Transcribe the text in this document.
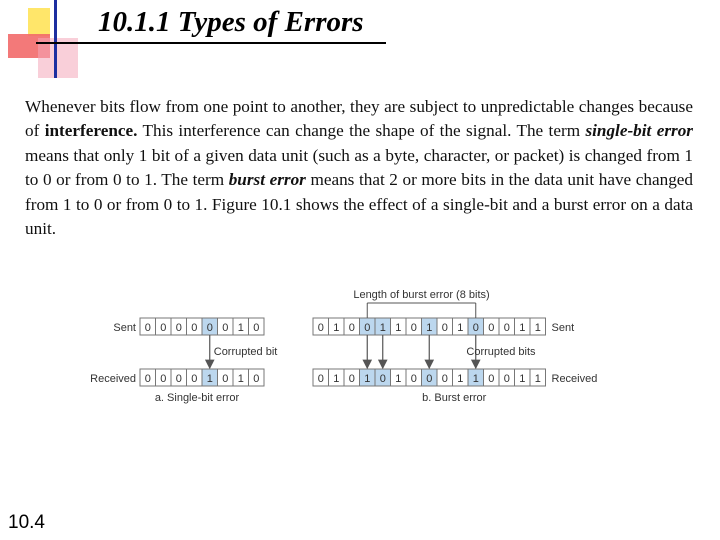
10.1.1 Types of Errors
Whenever bits flow from one point to another, they are subject to unpredictable changes because of interference. This interference can change the shape of the signal. The term single-bit error means that only 1 bit of a given data unit (such as a byte, character, or packet) is changed from 1 to 0 or from 0 to 1. The term burst error means that 2 or more bits in the data unit have changed from 1 to 0 or from 0 to 1. Figure 10.1 shows the effect of a single-bit and a burst error on a data unit.
0 0 0 0 0 0 1 0
0 0 0 0 1 0 1 0
Sent
Received
Corrupted bit
a. Single-bit error
0 1 0 0 1 1 0 1 0 1 0 0 0 1 1
0 1 0 1 0 1 0 0 0 1 1 0 0 1 1
Sent
Received
Length of burst error (8 bits)
Corrupted bits
b. Burst error
10.4
